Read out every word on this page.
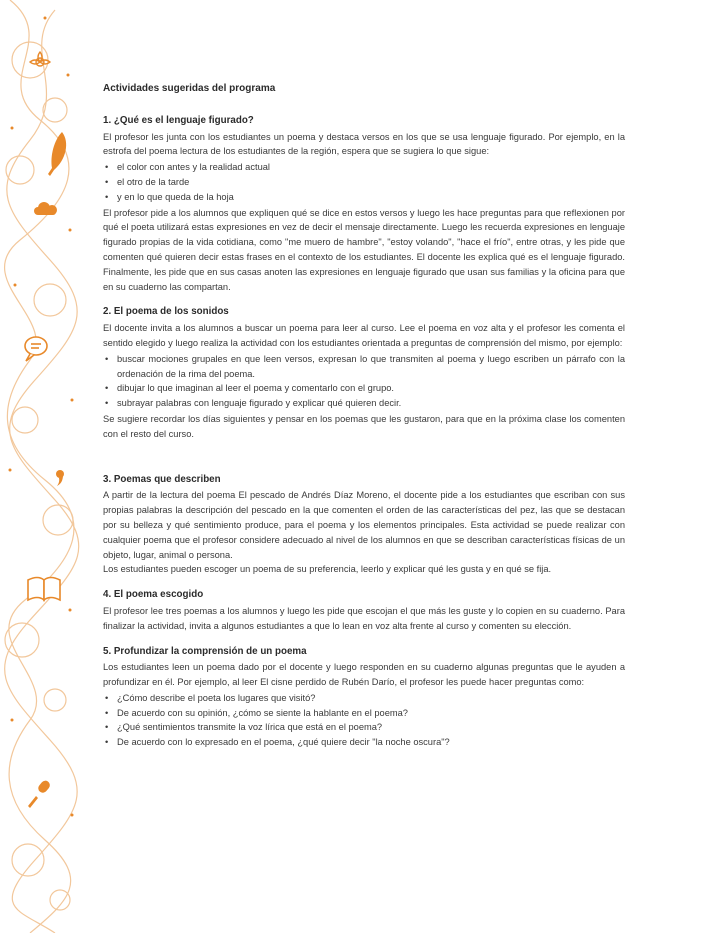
Actividades sugeridas del programa
1. ¿Qué es el lenguaje figurado?

El profesor les junta con los estudiantes un poema y destaca versos en los que se usa lenguaje figurado. Por ejemplo, en la estrofa del poema lectura de los estudiantes de la región, espera que se sugiera lo que sigue:

• el color con antes y la realidad actual
• el otro de la tarde
• y en lo que queda de la hoja

El profesor pide a los alumnos que expliquen qué se dice en estos versos y luego les hace preguntas para que reflexionen por qué el poeta utilizará estas expresiones en vez de decir el mensaje directamente. Luego les recuerda expresiones en lenguaje figurado propias de la vida cotidiana, como "me muero de hambre", "estoy volando", "hace el frío", entre otras, y les pide que comenten qué quieren decir estas frases en el contexto de los estudiantes. El docente les explica qué es el lenguaje figurado. Finalmente, les pide que en sus casas anoten las expresiones en lenguaje figurado que usan sus familias y la oficina para que en su cuaderno las compartan.

2. El poema de los sonidos

El docente invita a los alumnos a buscar un poema para leer al curso. Lee el poema en voz alta y el profesor les comenta el sentido elegido y luego realiza la actividad con los estudiantes orientada a preguntas de comprensión del mismo, por ejemplo:

• buscar mociones grupales en que leen versos, expresan lo que transmiten al poema y luego escriben un párrafo con la ordenación de la rima del poema.
• dibujar lo que imaginan al leer el poema y comentarlo con el grupo.
• subrayar palabras con lenguaje figurado y explicar qué quieren decir.

Se sugiere recordar los días siguientes y pensar en los poemas que les gustaron, para que en la próxima clase los comenten con el resto del curso.

3. Poemas que describen

A partir de la lectura del poema El pescado de Andrés Díaz Moreno, el docente pide a los estudiantes que escriban con sus propias palabras la descripción del pescado en la que comenten el orden de las características del pez, las que se destacan por su belleza y qué sentimiento produce, para el poema y los elementos principales. Esta actividad se puede realizar con cualquier poema que el profesor considere adecuado al nivel de los alumnos en que se describan características físicas de un objeto, lugar, animal o persona.

Los estudiantes pueden escoger un poema de su preferencia, leerlo y explicar qué les gusta y en qué se fija.

4. El poema escogido

El profesor lee tres poemas a los alumnos y luego les pide que escojan el que más les guste y lo copien en su cuaderno. Para finalizar la actividad, invita a algunos estudiantes a que lo lean en voz alta frente al curso y comenten su elección.

5. Profundizar la comprensión de un poema

Los estudiantes leen un poema dado por el docente y luego responden en su cuaderno algunas preguntas que le ayuden a profundizar en él. Por ejemplo, al leer El cisne perdido de Rubén Darío, el profesor les puede hacer preguntas como:

• ¿Cómo describe el poeta los lugares que visitó?
• De acuerdo con su opinión, ¿cómo se siente la hablante en el poema?
• ¿Qué sentimientos transmite la voz lírica que está en el poema?
• De acuerdo con lo expresado en el poema, ¿qué quiere decir "la noche oscura"?
